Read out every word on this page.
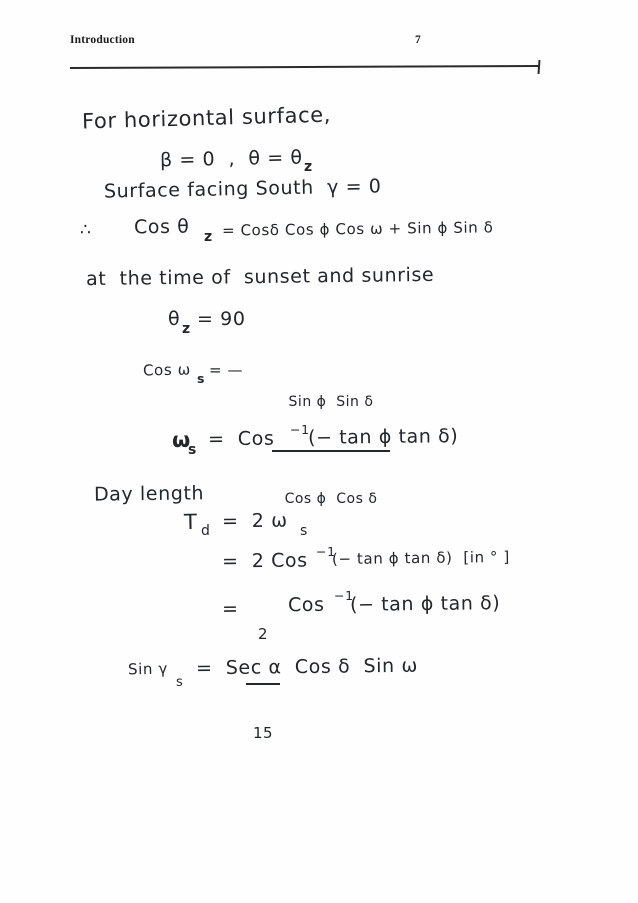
Introduction	7
For horizontal surface,
β = 0  ,  θ = θ z
Surface facing South  γ = 0
∴ Cos θ z = Cosδ Cos ϕ Cos ω + Sin ϕ Sin δ
at  the time of  sunset and sunrise
θ z = 90
Cos ω s = —

Sin ϕ  Sin δ

Cos ϕ  Cos δ

ω
s =  Cos −1
(− tan ϕ tan δ)
Day length
T d =  2 ω s
=  2 Cos −1
(− tan ϕ tan δ)  [in ° ]
=

2

15

Cos −1
(− tan ϕ tan δ)
Sin γ
s
=  Sec α  Cos δ  Sin ω
